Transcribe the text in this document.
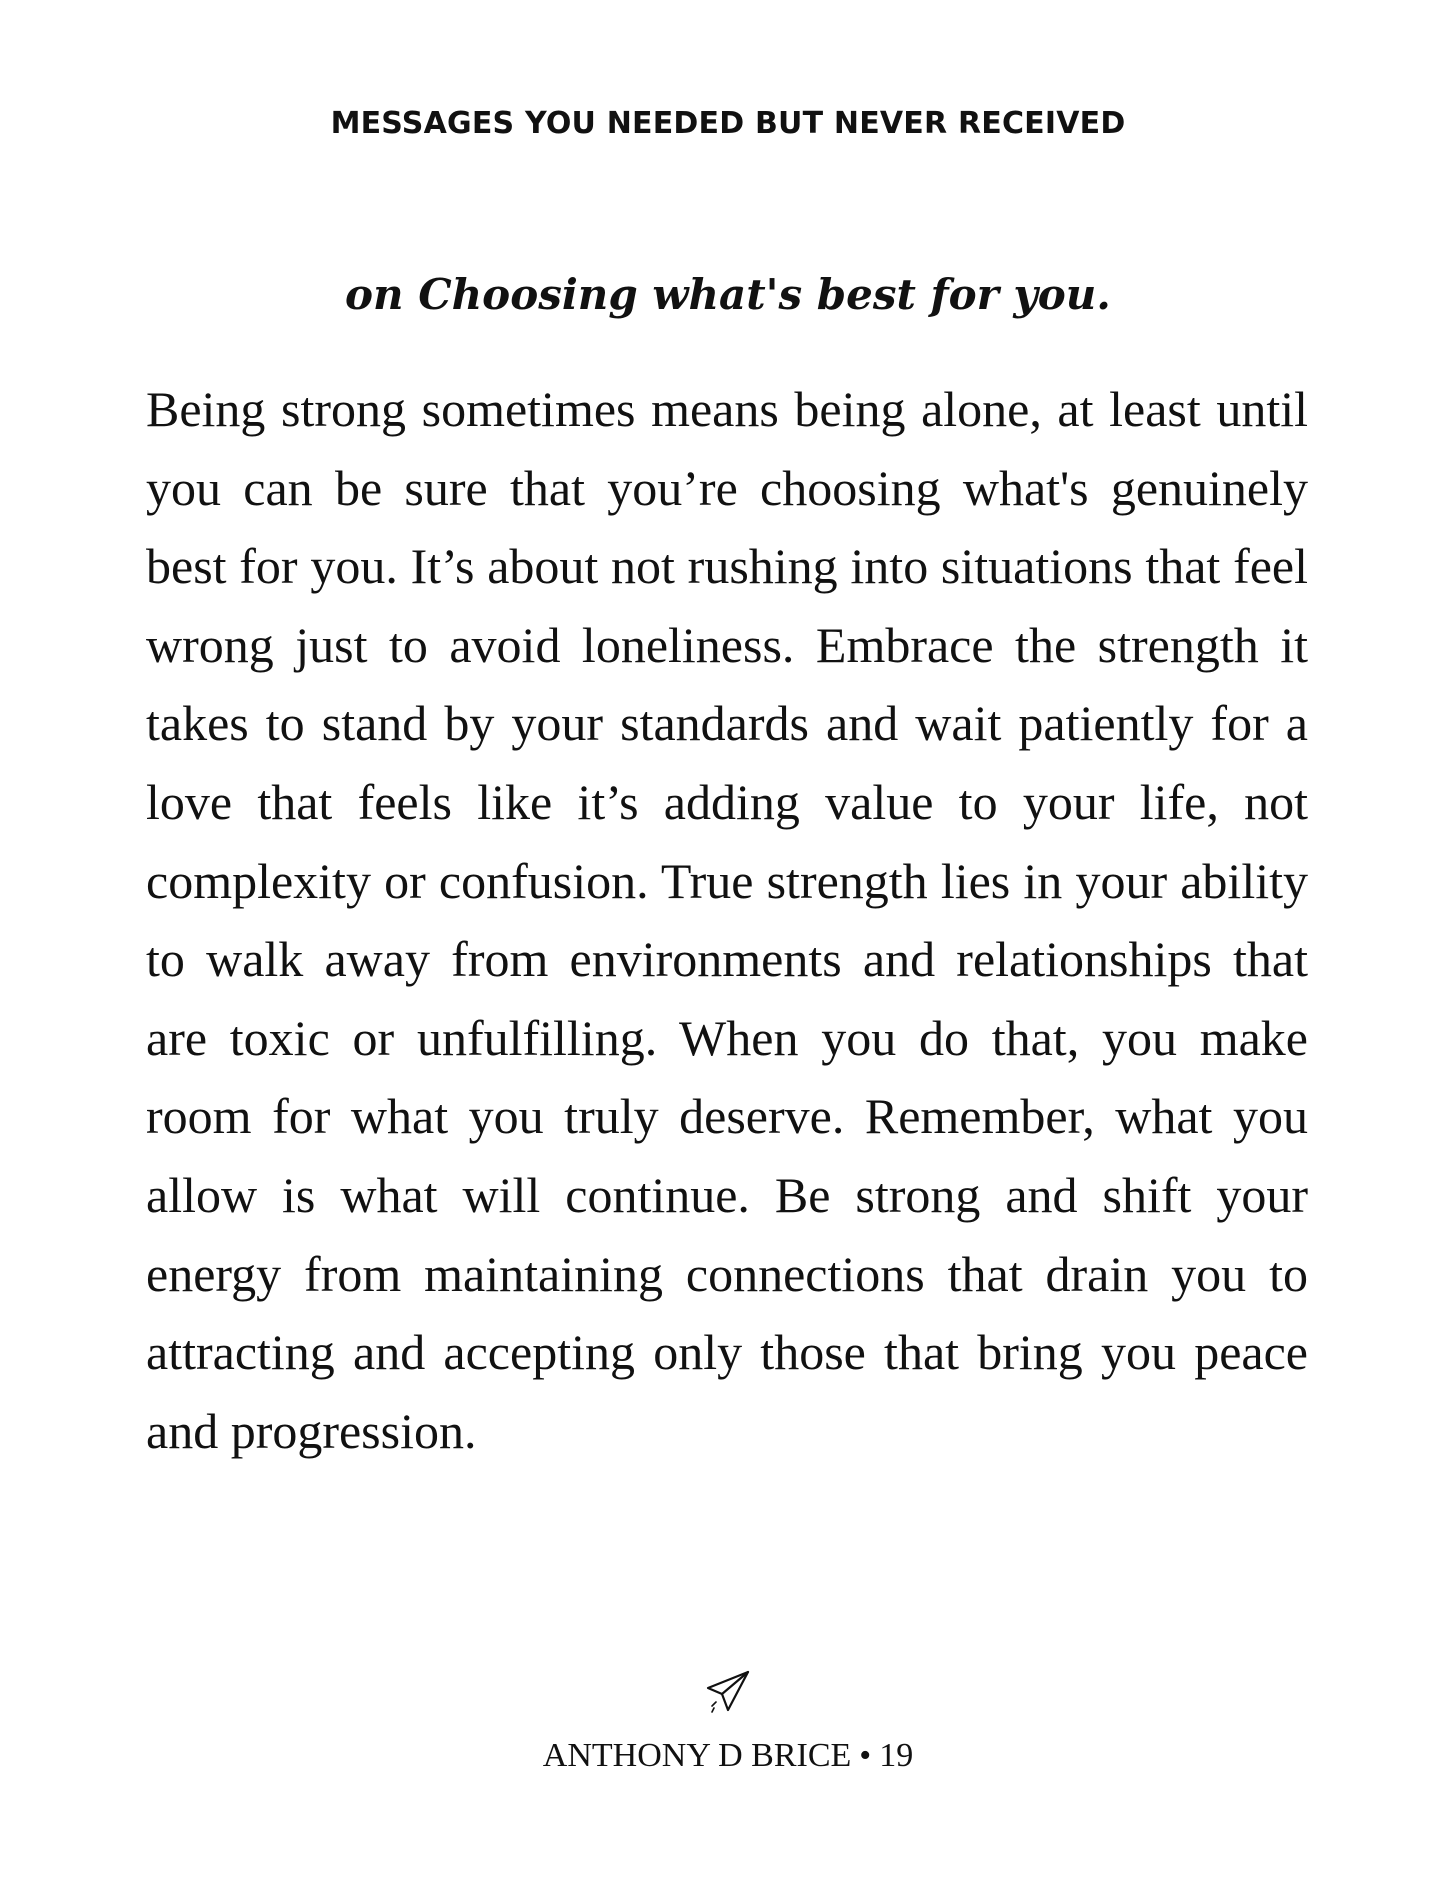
MESSAGES YOU NEEDED BUT NEVER RECEIVED
on Choosing what's best for you.

Being strong sometimes means being alone, at least until you can be sure that you’re choosing what's genuinely best for you. It’s about not rushing into situations that feel wrong just to avoid loneliness. Embrace the strength it takes to stand by your standards and wait patiently for a love that feels like it’s adding value to your life, not complexity or confusion. True strength lies in your ability to walk away from environments and relationships that are toxic or unfulfilling. When you do that, you make room for what you truly deserve. Remember, what you allow is what will continue. Be strong and shift your energy from maintaining connections that drain you to attracting and accepting only those that bring you peace and progression.

ANTHONY D BRICE • 19
